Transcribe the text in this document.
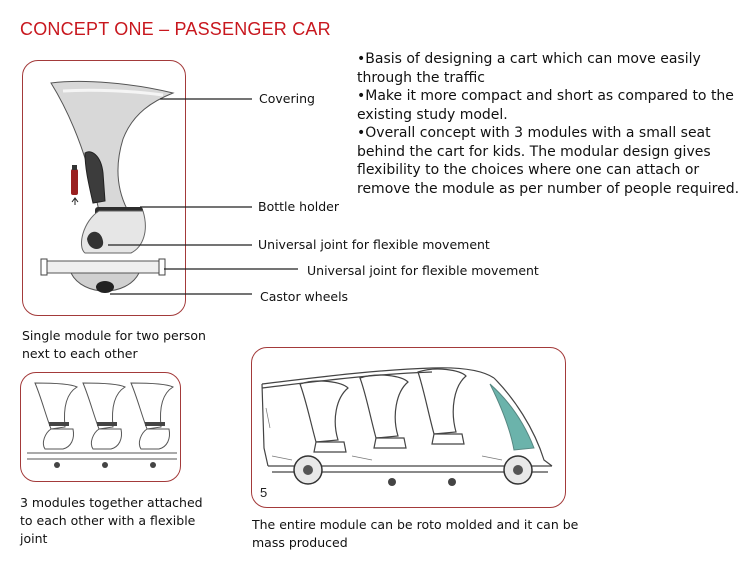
CONCEPT ONE – PASSENGER CAR

•Basis of designing a cart which can move easily through the traffic

•Make it more compact and short as compared to the existing study model.

•Overall concept with 3 modules with a small seat behind the cart for kids. The modular design gives flexibility to the choices where one can attach or remove the module as per number of people required.

Covering
Bottle holder
Universal joint for flexible movement
Universal joint for flexible movement
Castor wheels
Single module for two person next to each other
3 modules together attached to each other with a flexible joint
5
The entire module can be roto molded and it can be mass produced
